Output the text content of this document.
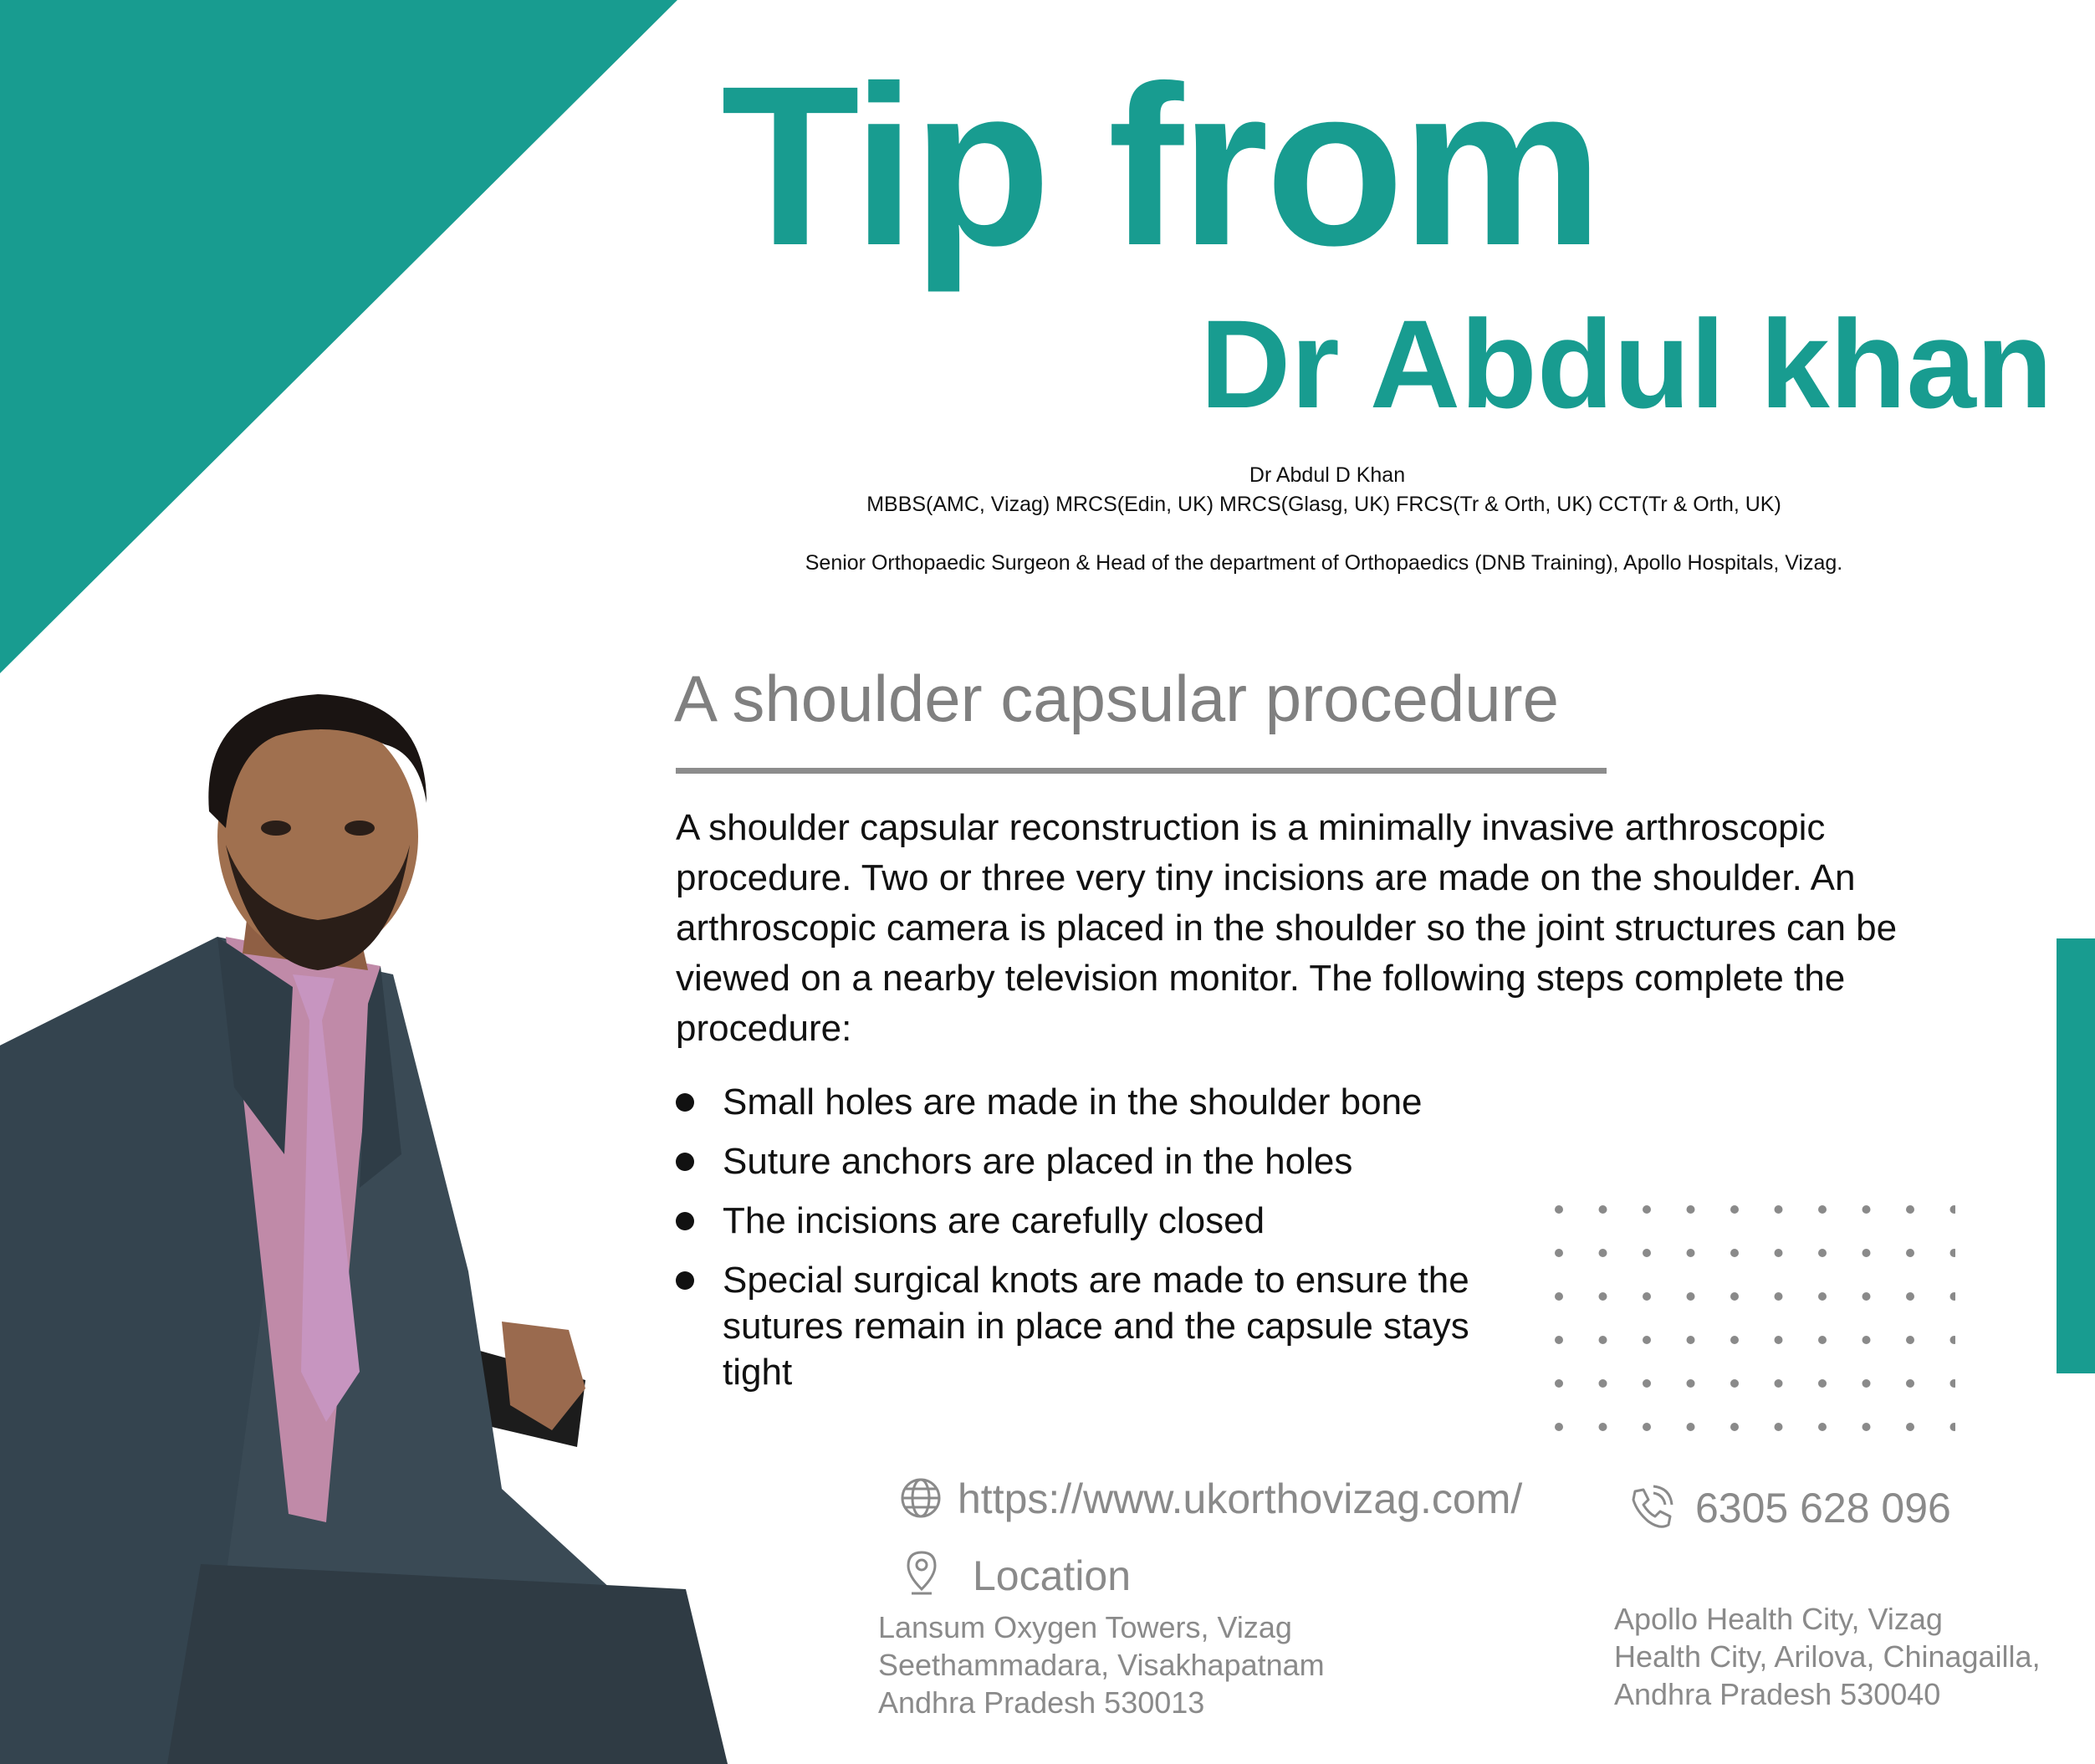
Tip from
Dr Abdul khan
Dr Abdul D Khan
MBBS(AMC, Vizag) MRCS(Edin, UK) MRCS(Glasg, UK) FRCS(Tr & Orth, UK) CCT(Tr & Orth, UK)
Senior Orthopaedic Surgeon & Head of the department of Orthopaedics (DNB Training), Apollo Hospitals, Vizag.
A shoulder capsular procedure
A shoulder capsular reconstruction is a minimally invasive arthroscopic procedure. Two or three very tiny incisions are made on the shoulder. An arthroscopic camera is placed in the shoulder so the joint structures can be viewed on a nearby television monitor. The following steps complete the procedure:
Small holes are made in the shoulder bone
Suture anchors are placed in the holes
The incisions are carefully closed
Special surgical knots are made to ensure the sutures remain in place and the capsule stays tight
https://www.ukorthovizag.com/	6305 628 096
Location
Lansum Oxygen Towers, Vizag
Seethammadara, Visakhapatnam
Andhra Pradesh 530013
Apollo Health City, Vizag
Health City, Arilova, Chinagailla,
Andhra Pradesh 530040
